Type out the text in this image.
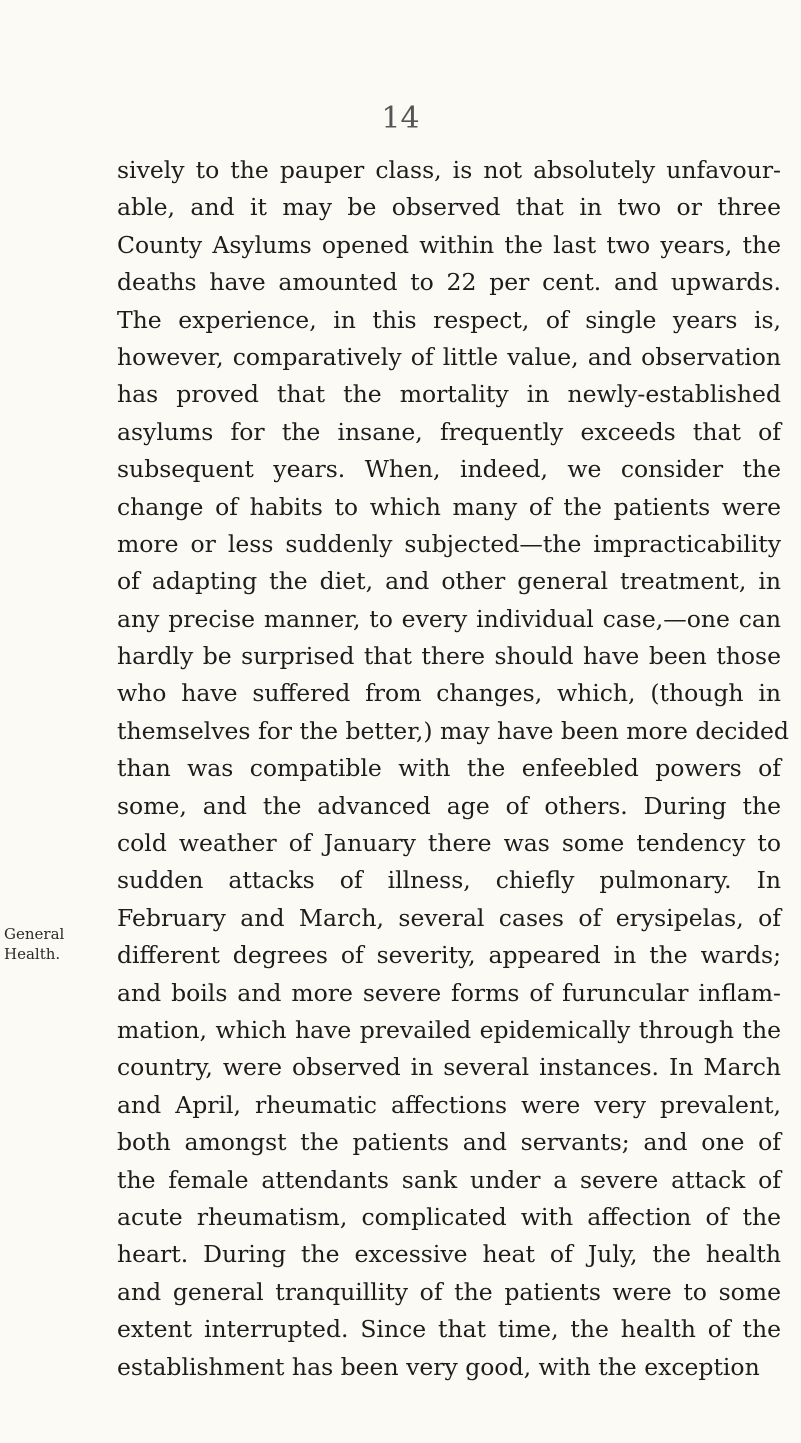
14
General
Health.
sively to the pauper class, is not absolutely unfavour-
able, and it may be observed that in two or three
County Asylums opened within the last two years, the
deaths have amounted to 22 per cent. and upwards.
The experience, in this respect, of single years is,
however, comparatively of little value, and observation
has proved that the mortality in newly-established
asylums for the insane, frequently exceeds that of
subsequent years. When, indeed, we consider the
change of habits to which many of the patients were
more or less suddenly subjected—the impracticability
of adapting the diet, and other general treatment, in
any precise manner, to every individual case,—one can
hardly be surprised that there should have been those
who have suffered from changes, which, (though in
themselves for the better,) may have been more decided
than was compatible with the enfeebled powers of
some, and the advanced age of others. During the
cold weather of January there was some tendency to
sudden attacks of illness, chiefly pulmonary. In
February and March, several cases of erysipelas, of
different degrees of severity, appeared in the wards;
and boils and more severe forms of furuncular inflam-
mation, which have prevailed epidemically through the
country, were observed in several instances. In March
and April, rheumatic affections were very prevalent,
both amongst the patients and servants; and one of
the female attendants sank under a severe attack of
acute rheumatism, complicated with affection of the
heart. During the excessive heat of July, the health
and general tranquillity of the patients were to some
extent interrupted. Since that time, the health of the
establishment has been very good, with the exception
